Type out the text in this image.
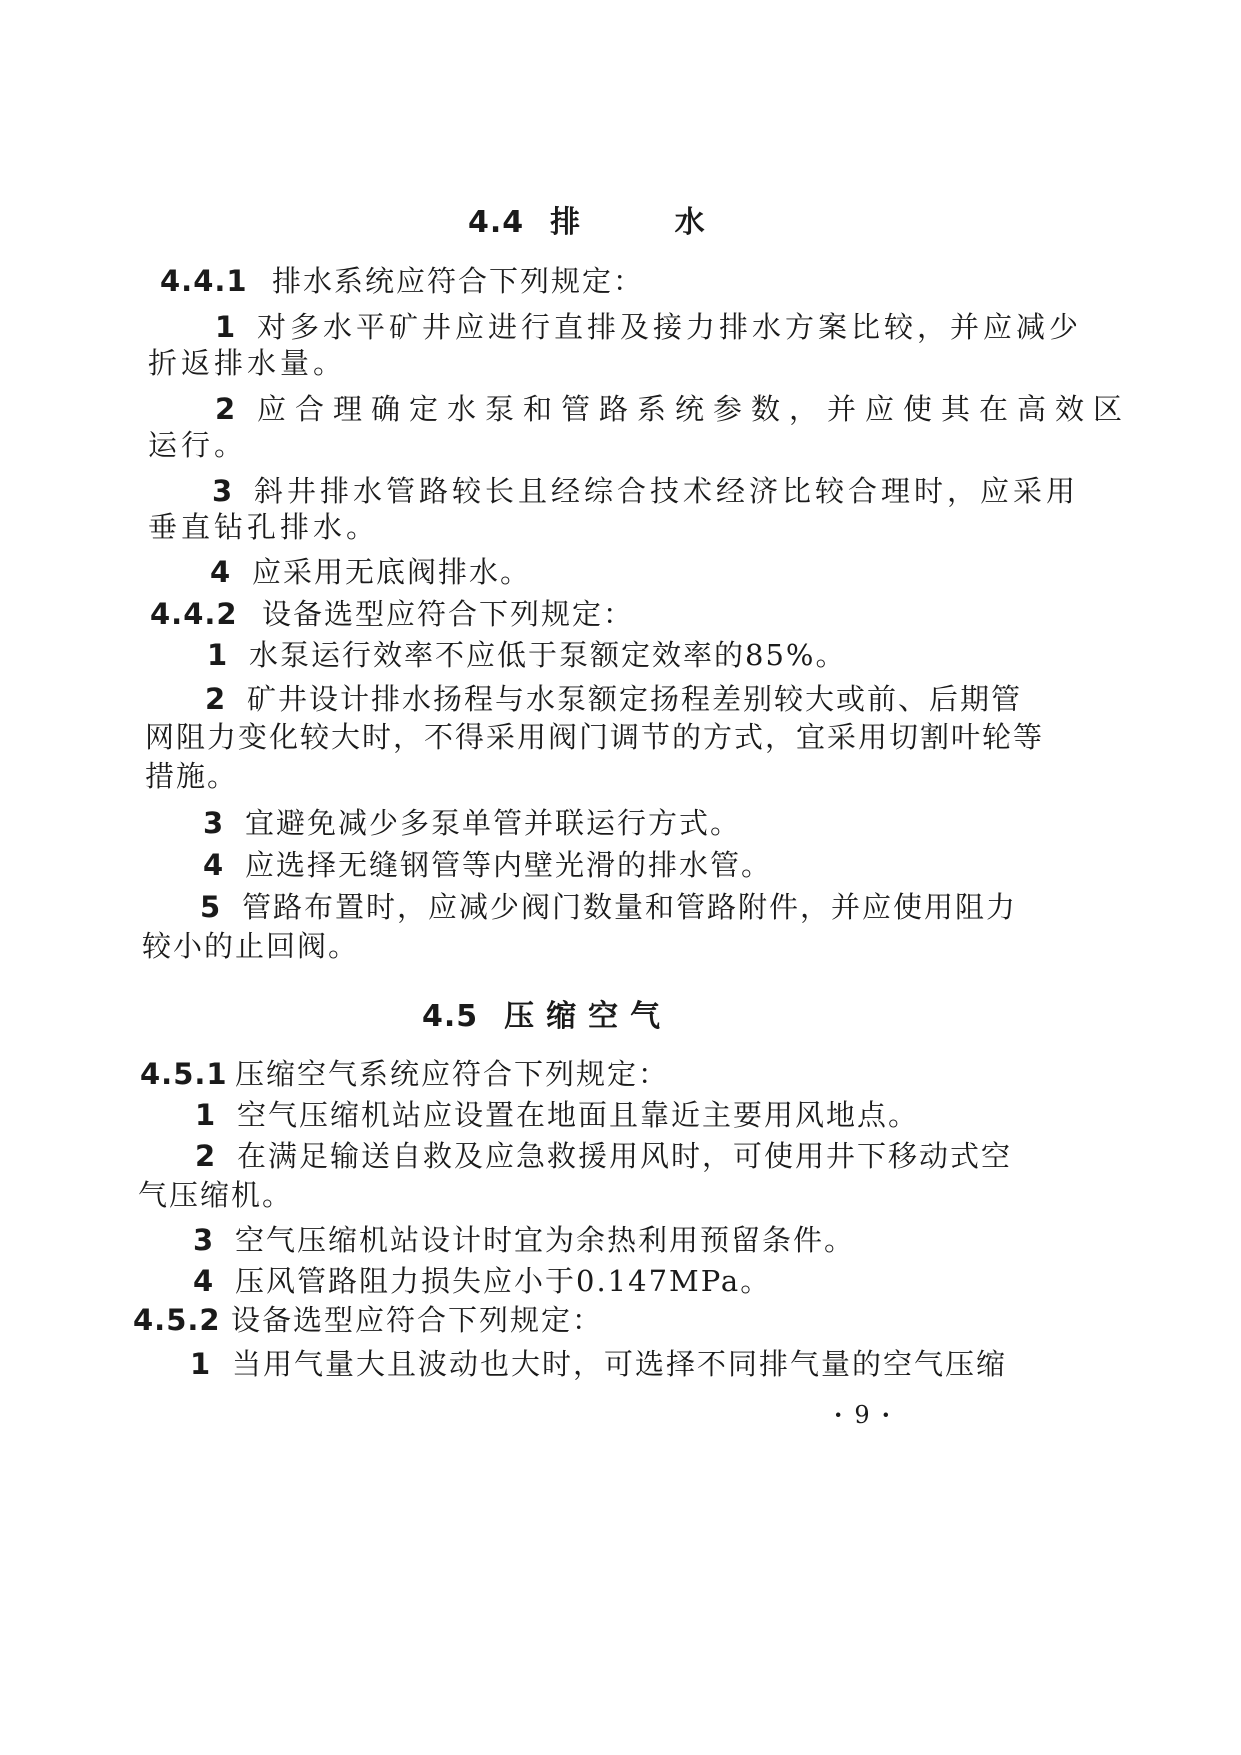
4.4 排 水
4.4.1 排水系统应符合下列规定：
1 对多水平矿井应进行直排及接力排水方案比较，并应减少
折返排水量。
2 应合理确定水泵和管路系统参数，并应使其在高效区
运行。
3 斜井排水管路较长且经综合技术经济比较合理时，应采用
垂直钻孔排水。
4 应采用无底阀排水。
4.4.2 设备选型应符合下列规定：
1 水泵运行效率不应低于泵额定效率的85%。
2 矿井设计排水扬程与水泵额定扬程差别较大或前、后期管
网阻力变化较大时，不得采用阀门调节的方式，宜采用切割叶轮等
措施。
3 宜避免减少多泵单管并联运行方式。
4 应选择无缝钢管等内壁光滑的排水管。
5 管路布置时，应减少阀门数量和管路附件，并应使用阻力
较小的止回阀。
4.5 压缩空气
4.5.1 压缩空气系统应符合下列规定：
1 空气压缩机站应设置在地面且靠近主要用风地点。
2 在满足输送自救及应急救援用风时，可使用井下移动式空
气压缩机。
3 空气压缩机站设计时宜为余热利用预留条件。
4 压风管路阻力损失应小于0.147MPa。
4.5.2 设备选型应符合下列规定：
1 当用气量大且波动也大时，可选择不同排气量的空气压缩
· 9 ·
